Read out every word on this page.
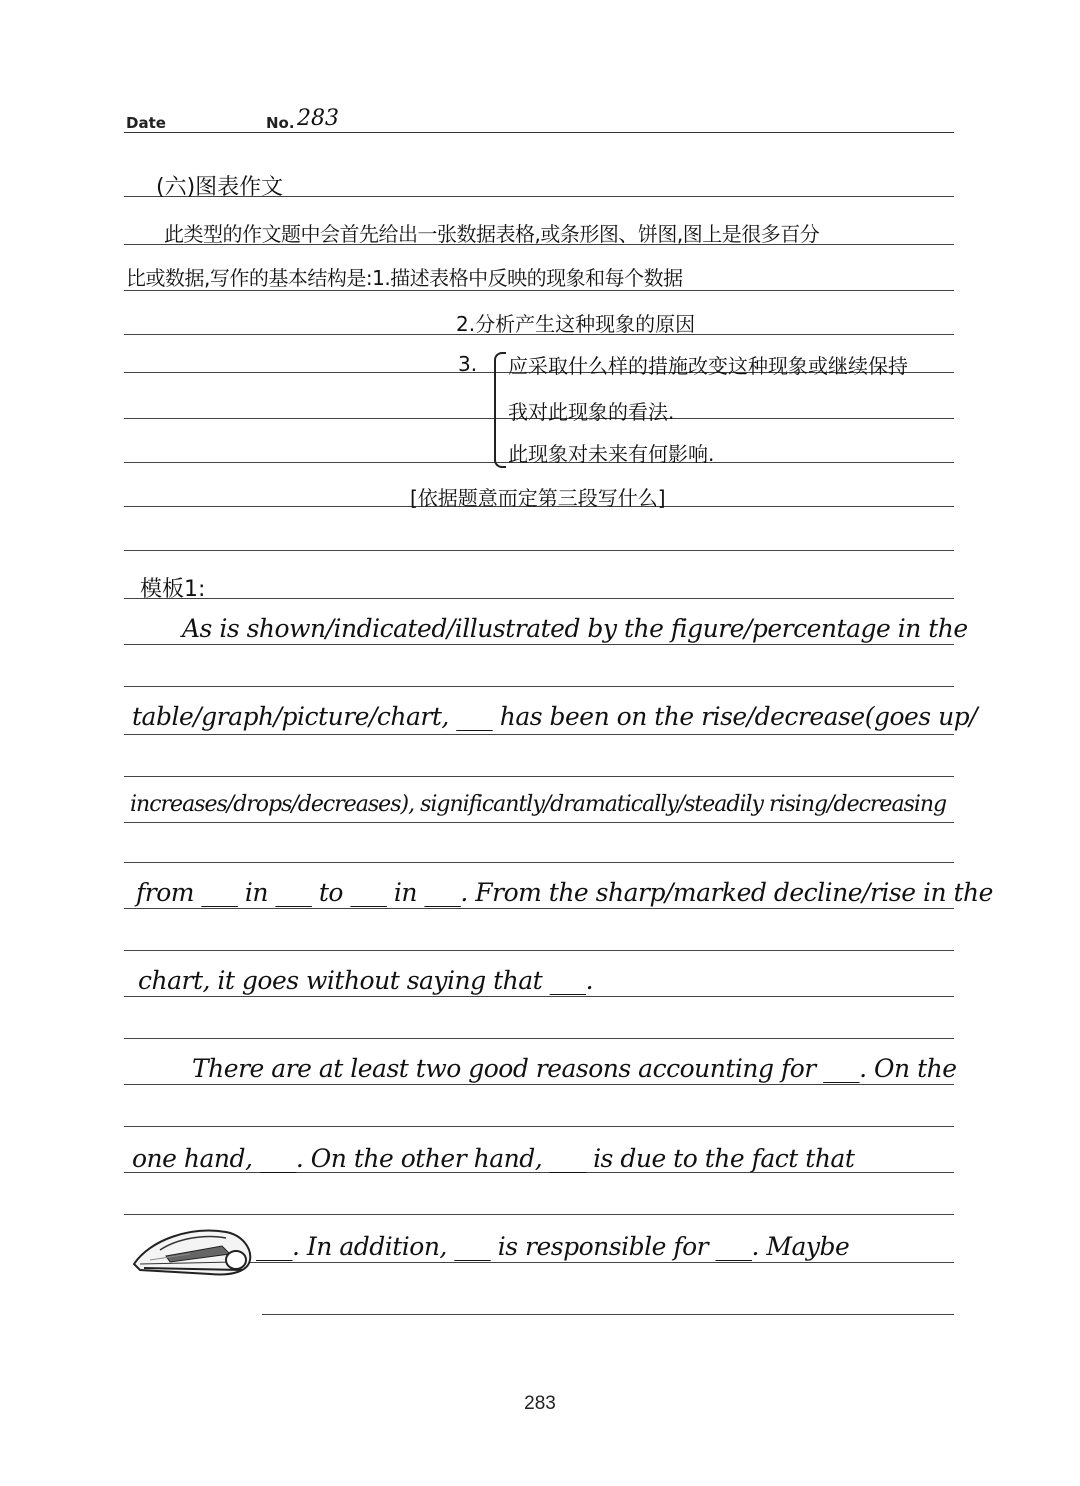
Date	No. 283
(六)图表作文
此类型的作文题中会首先给出一张数据表格,或条形图、饼图,图上是很多百分
比或数据,写作的基本结构是:1.描述表格中反映的现象和每个数据
2.分析产生这种现象的原因
3. 应采取什么样的措施改变这种现象或继续保持
我对此现象的看法.
此现象对未来有何影响.
[依据题意而定第三段写什么]
模板1:
As is shown/indicated/illustrated by the figure/percentage in the
table/graph/picture/chart, ___ has been on the rise/decrease(goes up/
increases/drops/decreases), significantly/dramatically/steadily rising/decreasing
from ___ in ___ to ___ in ___. From the sharp/marked decline/rise in the
chart, it goes without saying that ___.
There are at least two good reasons accounting for ___. On the
one hand, ___. On the other hand, ___ is due to the fact that
___. In addition, ___ is responsible for ___. Maybe
283
